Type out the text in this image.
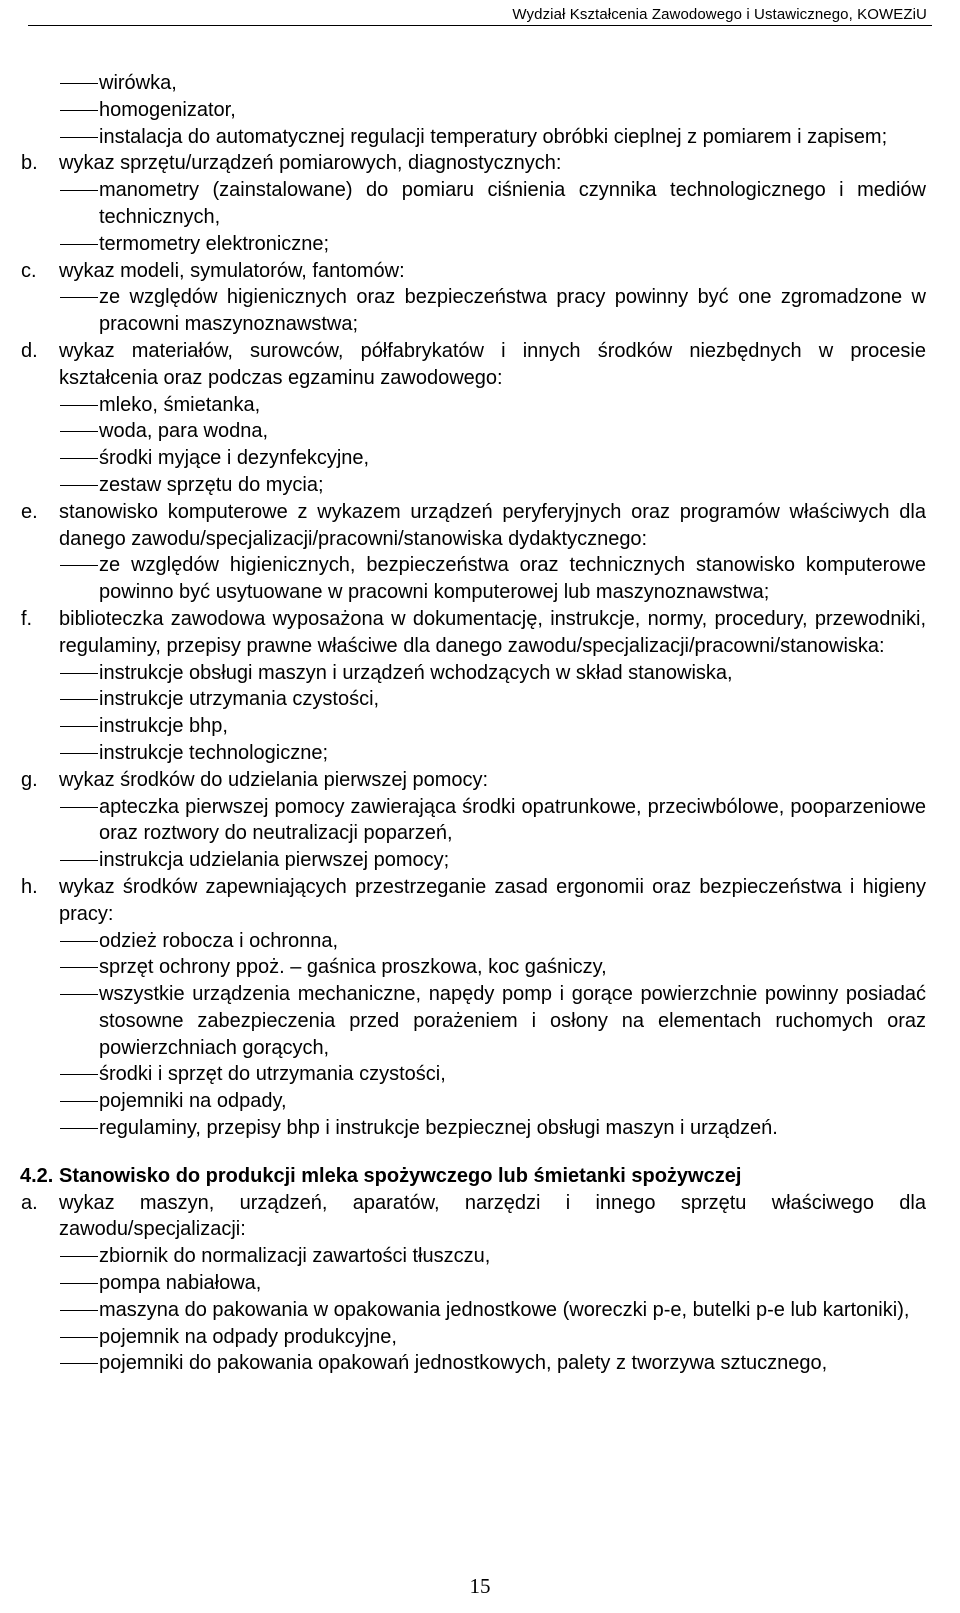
Wydział Kształcenia Zawodowego i Ustawicznego, KOWEZiU
wirówka,
homogenizator,
instalacja do automatycznej regulacji temperatury obróbki cieplnej z pomiarem i zapisem;
b. wykaz sprzętu/urządzeń pomiarowych, diagnostycznych:
manometry (zainstalowane) do pomiaru ciśnienia czynnika technologicznego i mediów technicznych,
termometry elektroniczne;
c. wykaz modeli, symulatorów, fantomów:
ze względów higienicznych oraz bezpieczeństwa pracy powinny być one zgromadzone w pracowni maszynoznawstwa;
d. wykaz materiałów, surowców, półfabrykatów i innych środków niezbędnych w procesie kształcenia oraz podczas egzaminu zawodowego:
mleko, śmietanka,
woda, para wodna,
środki myjące i dezynfekcyjne,
zestaw sprzętu do mycia;
e. stanowisko komputerowe z wykazem urządzeń peryferyjnych oraz programów właściwych dla danego zawodu/specjalizacji/pracowni/stanowiska dydaktycznego:
ze względów higienicznych, bezpieczeństwa oraz technicznych stanowisko komputerowe powinno być usytuowane w pracowni komputerowej lub maszynoznawstwa;
f. biblioteczka zawodowa wyposażona w dokumentację, instrukcje, normy, procedury, przewodniki, regulaminy, przepisy prawne właściwe dla danego zawodu/specjalizacji/pracowni/stanowiska:
instrukcje obsługi maszyn i urządzeń wchodzących w skład stanowiska,
instrukcje utrzymania czystości,
instrukcje bhp,
instrukcje technologiczne;
g. wykaz środków do udzielania pierwszej pomocy:
apteczka pierwszej pomocy zawierająca środki opatrunkowe, przeciwbólowe, pooparzeniowe oraz roztwory do neutralizacji poparzeń,
instrukcja udzielania pierwszej pomocy;
h. wykaz środków zapewniających przestrzeganie zasad ergonomii oraz bezpieczeństwa i higieny pracy:
odzież robocza i ochronna,
sprzęt ochrony ppoż. – gaśnica proszkowa, koc gaśniczy,
wszystkie urządzenia mechaniczne, napędy pomp i gorące powierzchnie powinny posiadać stosowne zabezpieczenia przed porażeniem i osłony na elementach ruchomych oraz powierzchniach gorących,
środki i sprzęt do utrzymania czystości,
pojemniki na odpady,
regulaminy, przepisy bhp i instrukcje bezpiecznej obsługi maszyn i urządzeń.
4.2. Stanowisko do produkcji mleka spożywczego lub śmietanki spożywczej
a. wykaz maszyn, urządzeń, aparatów, narzędzi i innego sprzętu właściwego dla zawodu/specjalizacji:
zbiornik do normalizacji zawartości tłuszczu,
pompa nabiałowa,
maszyna do pakowania w opakowania jednostkowe (woreczki p-e, butelki p-e lub kartoniki),
pojemnik na odpady produkcyjne,
pojemniki do pakowania opakowań jednostkowych, palety z tworzywa sztucznego,
15
